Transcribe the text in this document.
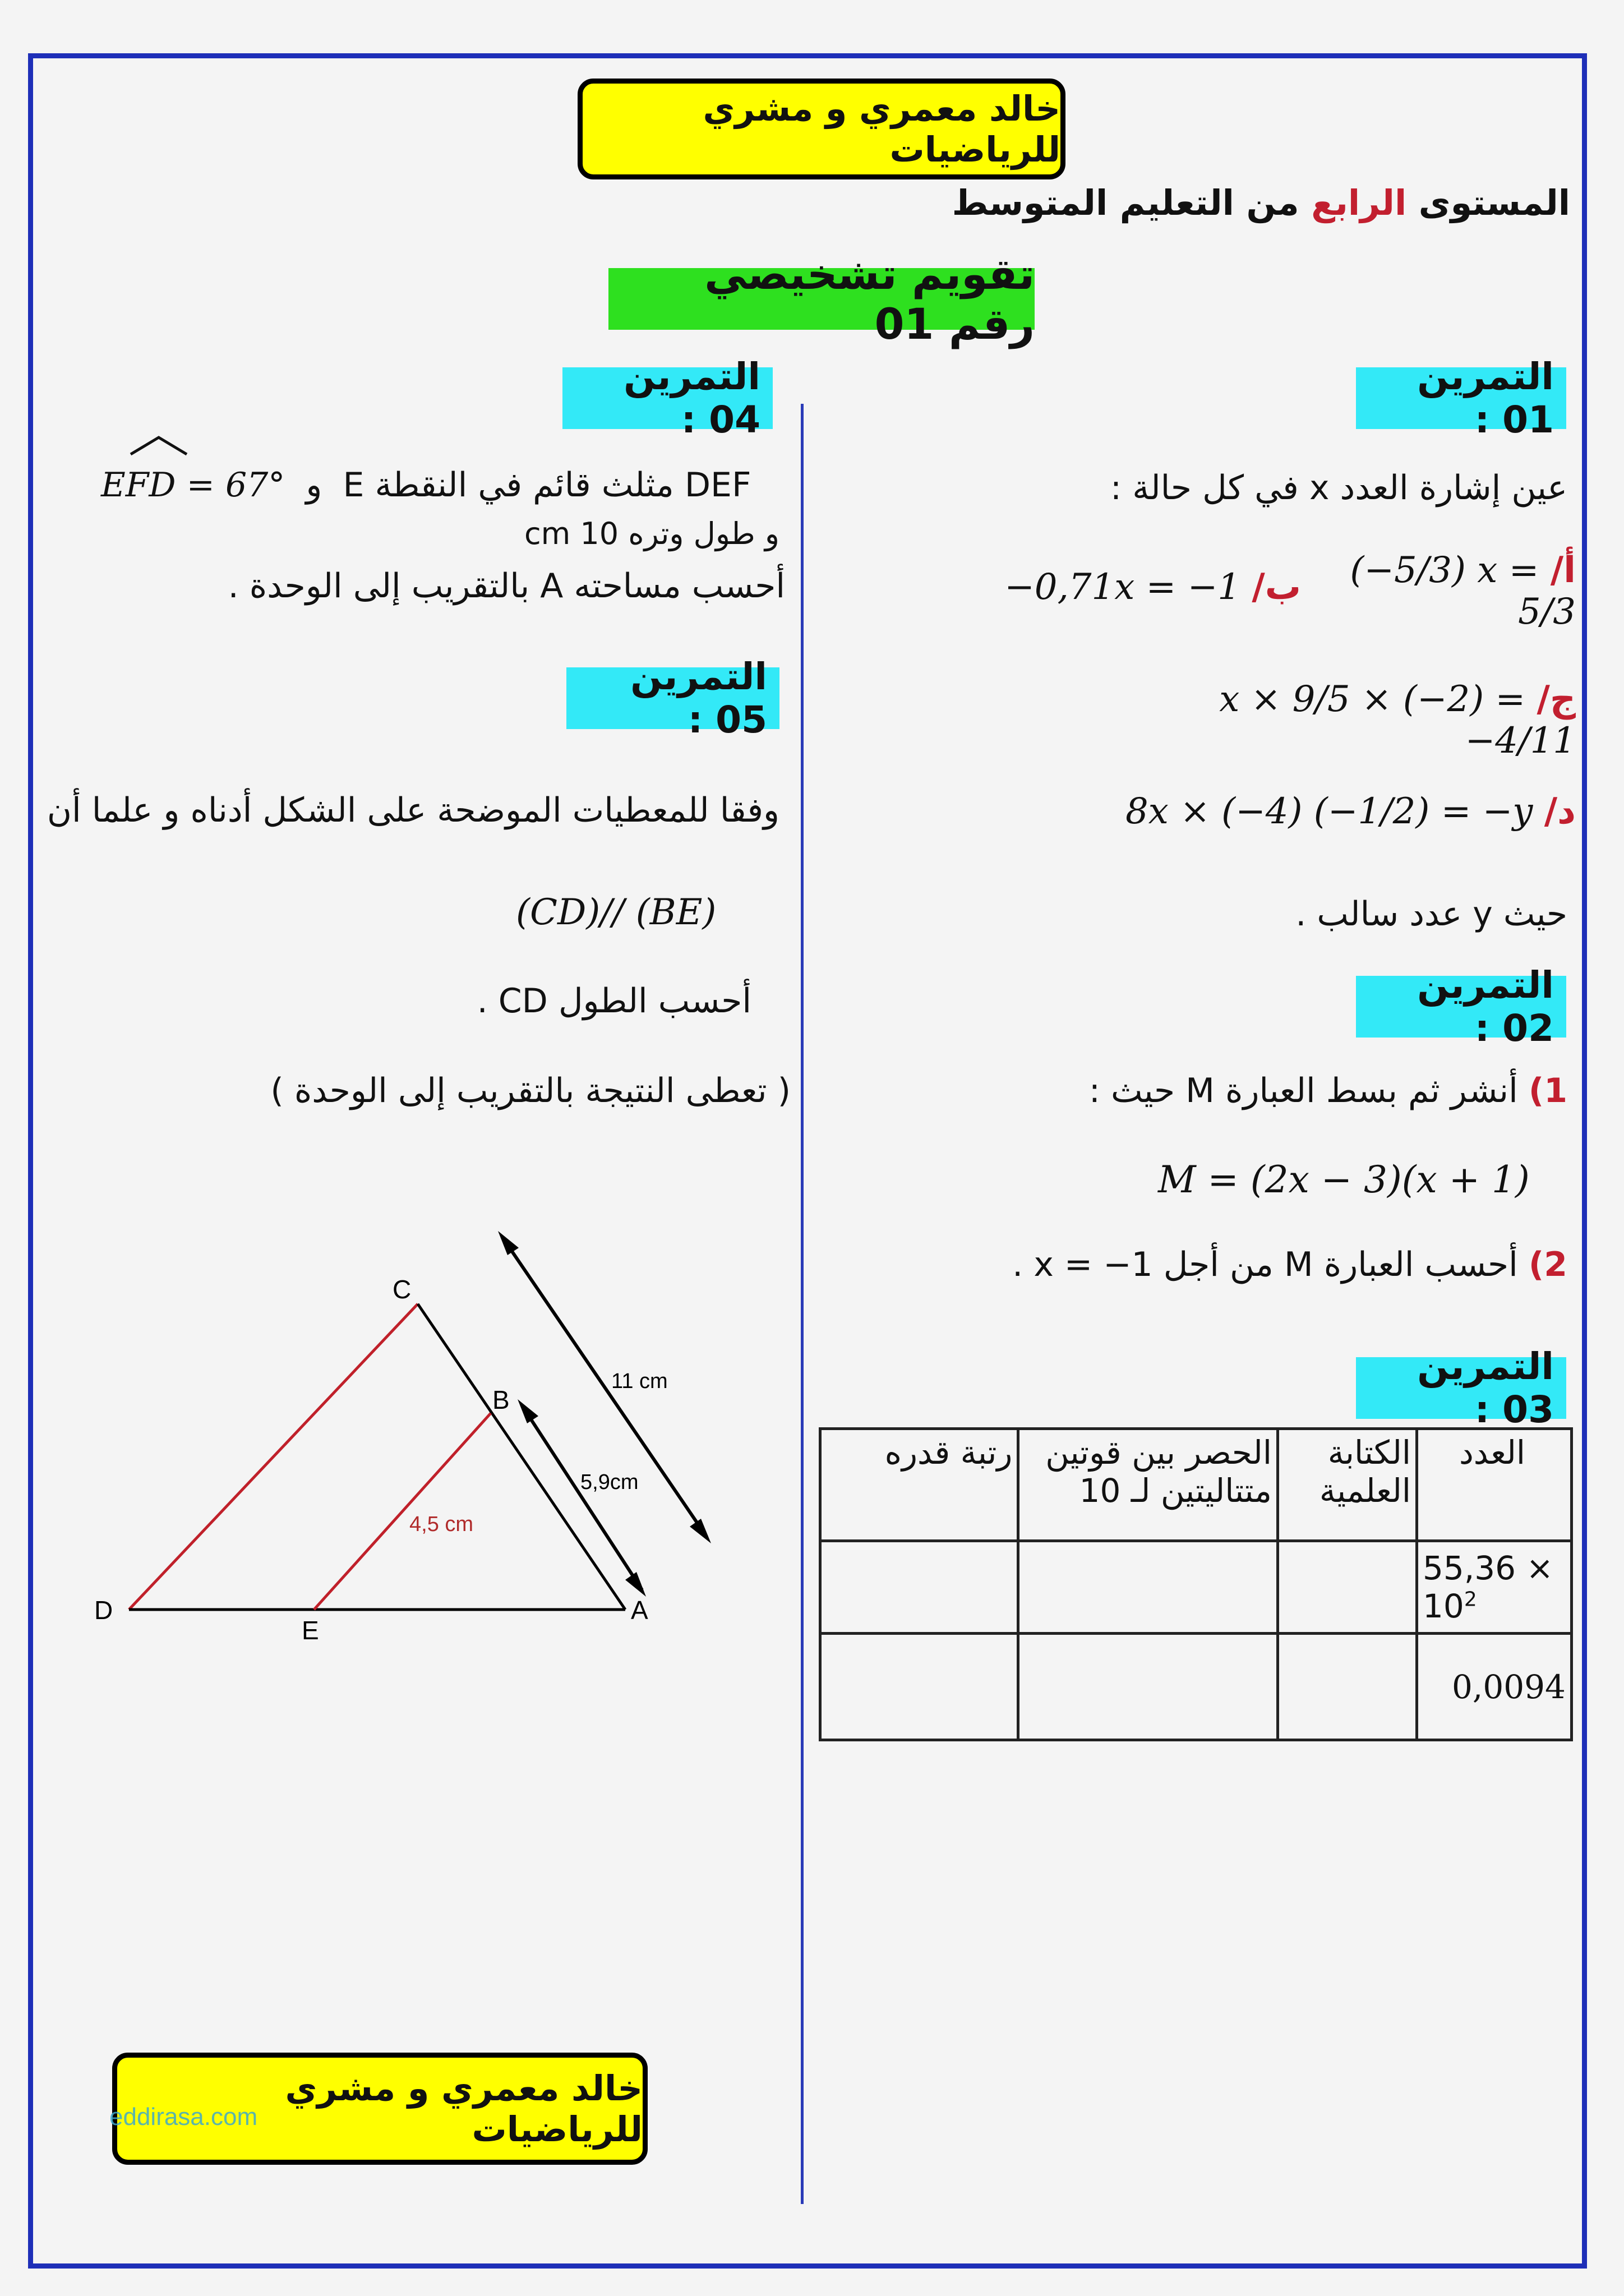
خالد معمري و مشري للرياضيات
المستوى الرابع من التعليم المتوسط
تقويم تشخيصي رقم 01
التمرين 01 :
عين إشارة العدد x في كل حالة :
أ/ (−5/3) x = 5/3
ب/ −0,71x = −1
ج/ x × 9/5 × (−2) = −4/11
د/ 8x × (−4) (−1/2) = −y
حيث y عدد سالب .
التمرين 02 :
1) أنشر ثم بسط العبارة M حيث :
M = (2x − 3)(x + 1)
2) أحسب العبارة M من أجل x = −1 .
التمرين 03 :
رتبة قدره	الحصر بين قوتين متتاليتين لـ 10	الكتابة العلمية	العدد
			$55,36 \times 10^2$
			0,0094
التمرين 04 :
EFD = 67° و DEF مثلث قائم في النقطة E
و طول وتره 10 cm
أحسب مساحته A بالتقريب إلى الوحدة .
التمرين 05 :
وفقا للمعطيات الموضحة على الشكل أدناه و علما أن
(CD)// (BE)
أحسب الطول CD .
( تعطى النتيجة بالتقريب إلى الوحدة )
C
B
D
E
A
11 cm
5,9cm
4,5 cm
خالد معمري و مشري للرياضيات
eddirasa.com
